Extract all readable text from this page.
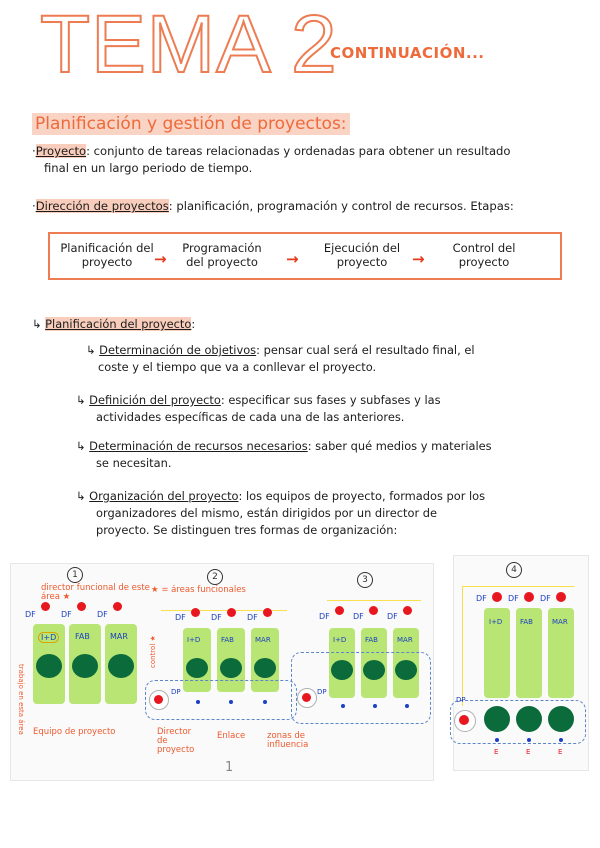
TEMA 2
CONTINUACIÓN...
Planificación y gestión de proyectos:
·Proyecto: conjunto de tareas relacionadas y ordenadas para obtener un resultado
final en un largo periodo de tiempo.
·Dirección de proyectos: planificación, programación y control de recursos. Etapas:
Planificación del proyecto	→
Programación del proyecto	→
Ejecución del proyecto	→
Control del proyecto
↳ Planificación del proyecto:
↳ Determinación de objetivos: pensar cual será el resultado final, el
coste y el tiempo que va a conllevar el proyecto.
↳ Definición del proyecto: especificar sus fases y subfases y las
actividades específicas de cada una de las anteriores.
↳ Determinación de recursos necesarios: saber qué medios y materiales
se necesitan.
↳ Organización del proyecto: los equipos de proyecto, formados por los
organizadores del mismo, están dirigidos por un director de
proyecto. Se distinguen tres formas de organización:
1	2	3
director funcional de este área ★
DF	DF	DF
I+D	FAB	MAR
trabajo en esta área Equipo de proyecto
★ = áreas funcionales
DF	DF	DF
I+D	FAB	MAR
control ★
DP
Director de proyecto
Enlace	zonas de influencia
DF	DF	DF
I+D	FAB	MAR
DP
1
4
DF	DF	DF
I+D	FAB	MAR
DP
E	E	E
